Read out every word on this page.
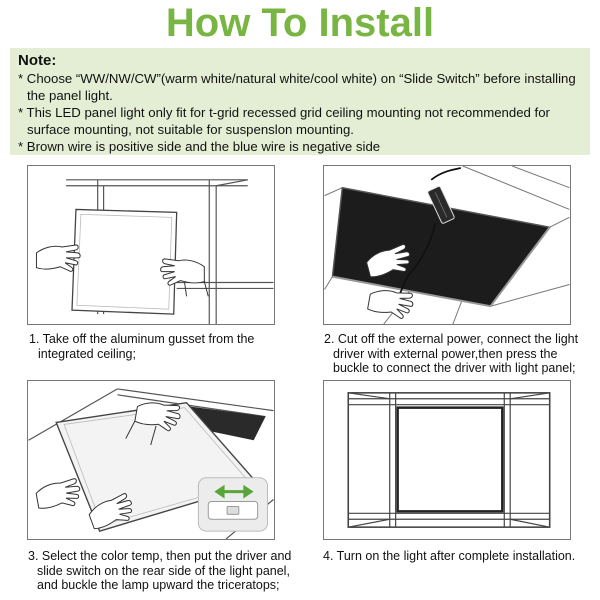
How To Install
Note:
* Choose “WW/NW/CW”(warm white/natural white/cool white) on “Slide Switch” before installing
the panel light.
* This LED panel light only fit for t-grid recessed grid ceiling mounting not recommended for
surface mounting, not suitable for suspenslon mounting.
* Brown wire is positive side and the blue wire is negative side
1. Take off the aluminum gusset from the
integrated ceiling;
2. Cut off the external power, connect the light
driver with external power,then press the
buckle to connect the driver with light panel;
3. Select the color temp, then put the driver and
slide switch on the rear side of the light panel,
and buckle the lamp upward the triceratops;
4. Turn on the light after complete installation.
